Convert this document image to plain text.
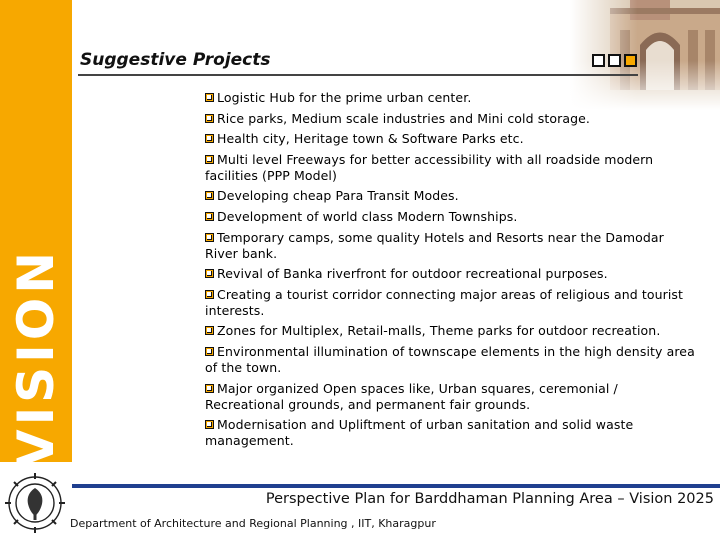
VISION
Suggestive Projects
Logistic Hub for the prime urban center.
Rice parks, Medium scale industries and Mini cold storage.
Health city, Heritage town & Software Parks etc.
Multi level Freeways for better accessibility with all roadside modern facilities (PPP Model)
Developing cheap Para Transit Modes.
Development of world class Modern Townships.
Temporary camps, some quality Hotels and Resorts near the Damodar River bank.
Revival of Banka riverfront for outdoor recreational purposes.
Creating a tourist corridor connecting major areas of religious and tourist interests.
Zones for Multiplex, Retail-malls, Theme parks for outdoor recreation.
Environmental illumination of townscape elements in the high density area of the town.
Major organized Open spaces like, Urban squares, ceremonial / Recreational grounds, and permanent fair grounds.
Modernisation and Upliftment of urban sanitation and solid waste management.
Perspective Plan for Barddhaman Planning Area – Vision 2025
Department of Architecture and Regional Planning , IIT, Kharagpur
